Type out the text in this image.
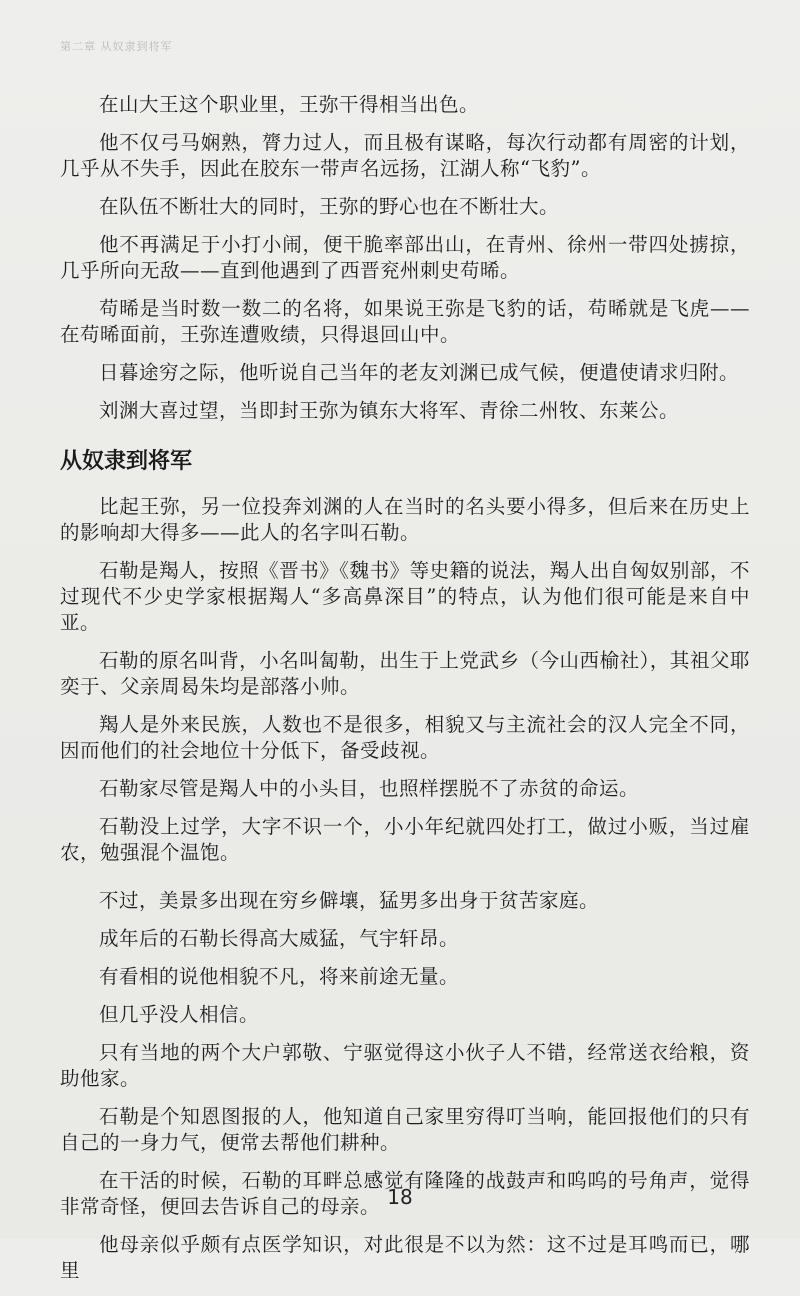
第二章 从奴隶到将军

在山大王这个职业里，王弥干得相当出色。

他不仅弓马娴熟，膂力过人，而且极有谋略，每次行动都有周密的计划，几乎从不失手，因此在胶东一带声名远扬，江湖人称“飞豹”。

在队伍不断壮大的同时，王弥的野心也在不断壮大。

他不再满足于小打小闹，便干脆率部出山，在青州、徐州一带四处掳掠，几乎所向无敌——直到他遇到了西晋兖州刺史苟晞。

苟晞是当时数一数二的名将，如果说王弥是飞豹的话，苟晞就是飞虎——在苟晞面前，王弥连遭败绩，只得退回山中。

日暮途穷之际，他听说自己当年的老友刘渊已成气候，便遣使请求归附。

刘渊大喜过望，当即封王弥为镇东大将军、青徐二州牧、东莱公。

从奴隶到将军

比起王弥，另一位投奔刘渊的人在当时的名头要小得多，但后来在历史上的影响却大得多——此人的名字叫石勒。

石勒是羯人，按照《晋书》《魏书》等史籍的说法，羯人出自匈奴别部，不过现代不少史学家根据羯人“多高鼻深目”的特点，认为他们很可能是来自中亚。

石勒的原名叫背，小名叫匐勒，出生于上党武乡（今山西榆社），其祖父耶奕于、父亲周曷朱均是部落小帅。

羯人是外来民族，人数也不是很多，相貌又与主流社会的汉人完全不同，因而他们的社会地位十分低下，备受歧视。

石勒家尽管是羯人中的小头目，也照样摆脱不了赤贫的命运。

石勒没上过学，大字不识一个，小小年纪就四处打工，做过小贩，当过雇农，勉强混个温饱。

不过，美景多出现在穷乡僻壤，猛男多出身于贫苦家庭。

成年后的石勒长得高大威猛，气宇轩昂。

有看相的说他相貌不凡，将来前途无量。

但几乎没人相信。

只有当地的两个大户郭敬、宁驱觉得这小伙子人不错，经常送衣给粮，资助他家。

石勒是个知恩图报的人，他知道自己家里穷得叮当响，能回报他们的只有自己的一身力气，便常去帮他们耕种。

在干活的时候，石勒的耳畔总感觉有隆隆的战鼓声和呜呜的号角声，觉得非常奇怪，便回去告诉自己的母亲。

他母亲似乎颇有点医学知识，对此很是不以为然：这不过是耳鸣而已，哪里

18
